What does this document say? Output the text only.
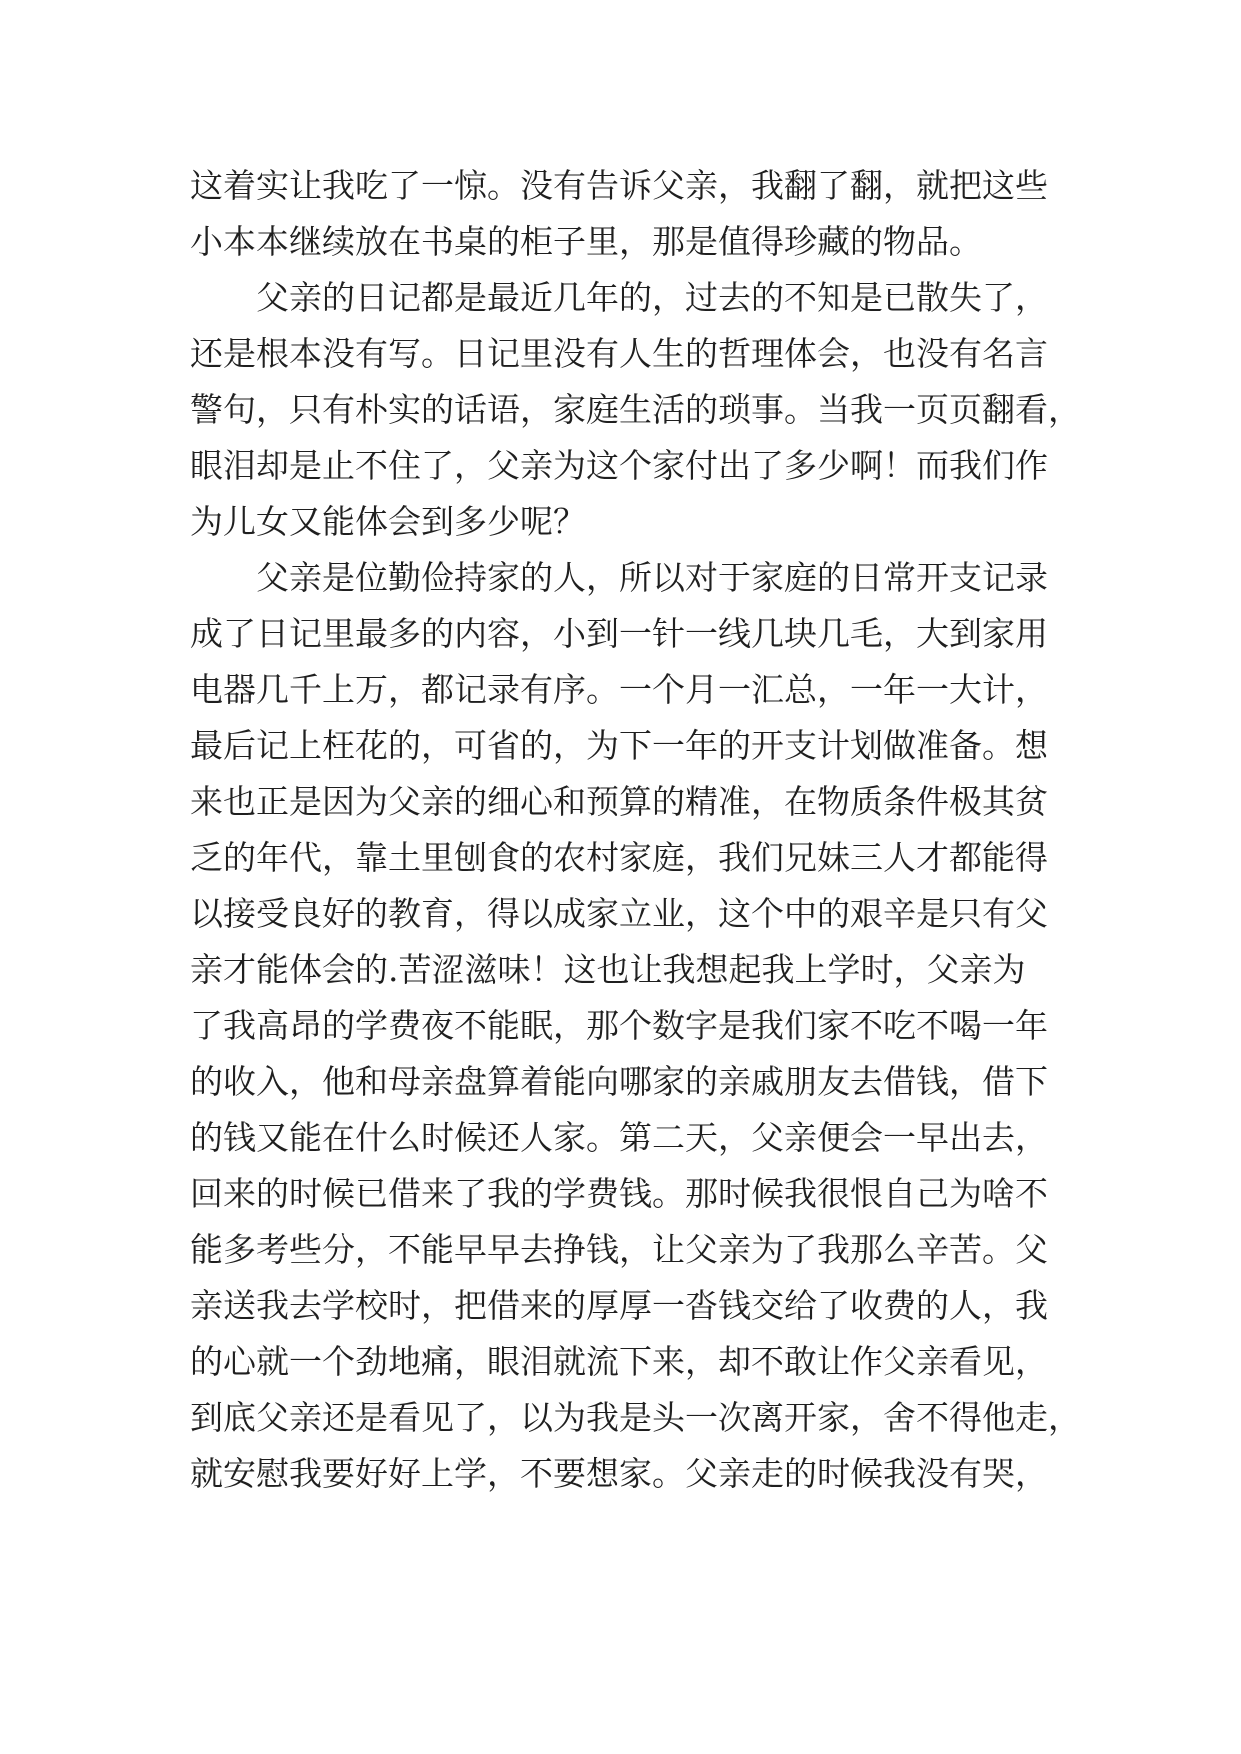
这着实让我吃了一惊。没有告诉父亲，我翻了翻，就把这些
小本本继续放在书桌的柜子里，那是值得珍藏的物品。
　　父亲的日记都是最近几年的，过去的不知是已散失了，
还是根本没有写。日记里没有人生的哲理体会，也没有名言
警句，只有朴实的话语，家庭生活的琐事。当我一页页翻看，
眼泪却是止不住了，父亲为这个家付出了多少啊！而我们作
为儿女又能体会到多少呢？
　　父亲是位勤俭持家的人，所以对于家庭的日常开支记录
成了日记里最多的内容，小到一针一线几块几毛，大到家用
电器几千上万，都记录有序。一个月一汇总，一年一大计，
最后记上枉花的，可省的，为下一年的开支计划做准备。想
来也正是因为父亲的细心和预算的精准，在物质条件极其贫
乏的年代，靠土里刨食的农村家庭，我们兄妹三人才都能得
以接受良好的教育，得以成家立业，这个中的艰辛是只有父
亲才能体会的.苦涩滋味！这也让我想起我上学时，父亲为
了我高昂的学费夜不能眠，那个数字是我们家不吃不喝一年
的收入，他和母亲盘算着能向哪家的亲戚朋友去借钱，借下
的钱又能在什么时候还人家。第二天，父亲便会一早出去，
回来的时候已借来了我的学费钱。那时候我很恨自己为啥不
能多考些分，不能早早去挣钱，让父亲为了我那么辛苦。父
亲送我去学校时，把借来的厚厚一沓钱交给了收费的人，我
的心就一个劲地痛，眼泪就流下来，却不敢让作父亲看见，
到底父亲还是看见了，以为我是头一次离开家，舍不得他走，
就安慰我要好好上学，不要想家。父亲走的时候我没有哭，
